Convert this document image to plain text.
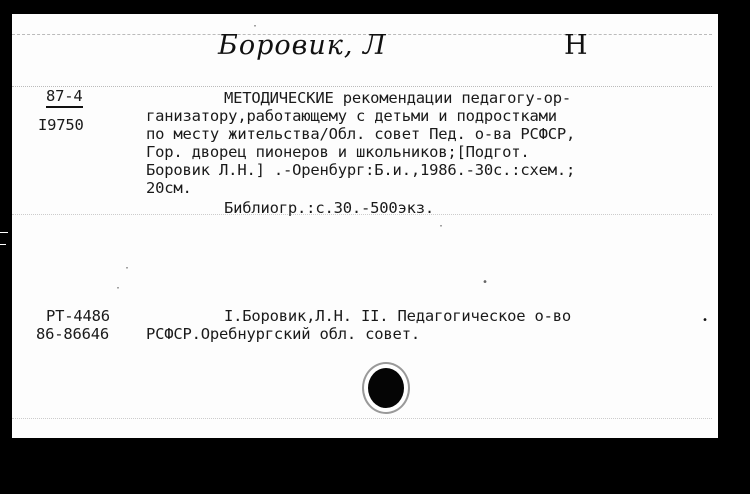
·
·
•
•
·
·
Боровик, Л	Н
87-4
I9750
МЕТОДИЧЕСКИЕ рекомендации педагогу-ор-
ганизатору,работающему с детьми и подростками
по месту жительства/Обл. совет Пед. о-ва РСФСР,
Гор. дворец пионеров и школьников;[Подгот.
Боровик Л.Н.] .-Оренбург:Б.и.,1986.-30с.:схем.;
20см.
Библиогр.:с.30.-500экз.
РТ-4486
86-86646
I.Боровик,Л.Н. II. Педагогическое о-во
РСФСР.Оребнургский обл. совет.
